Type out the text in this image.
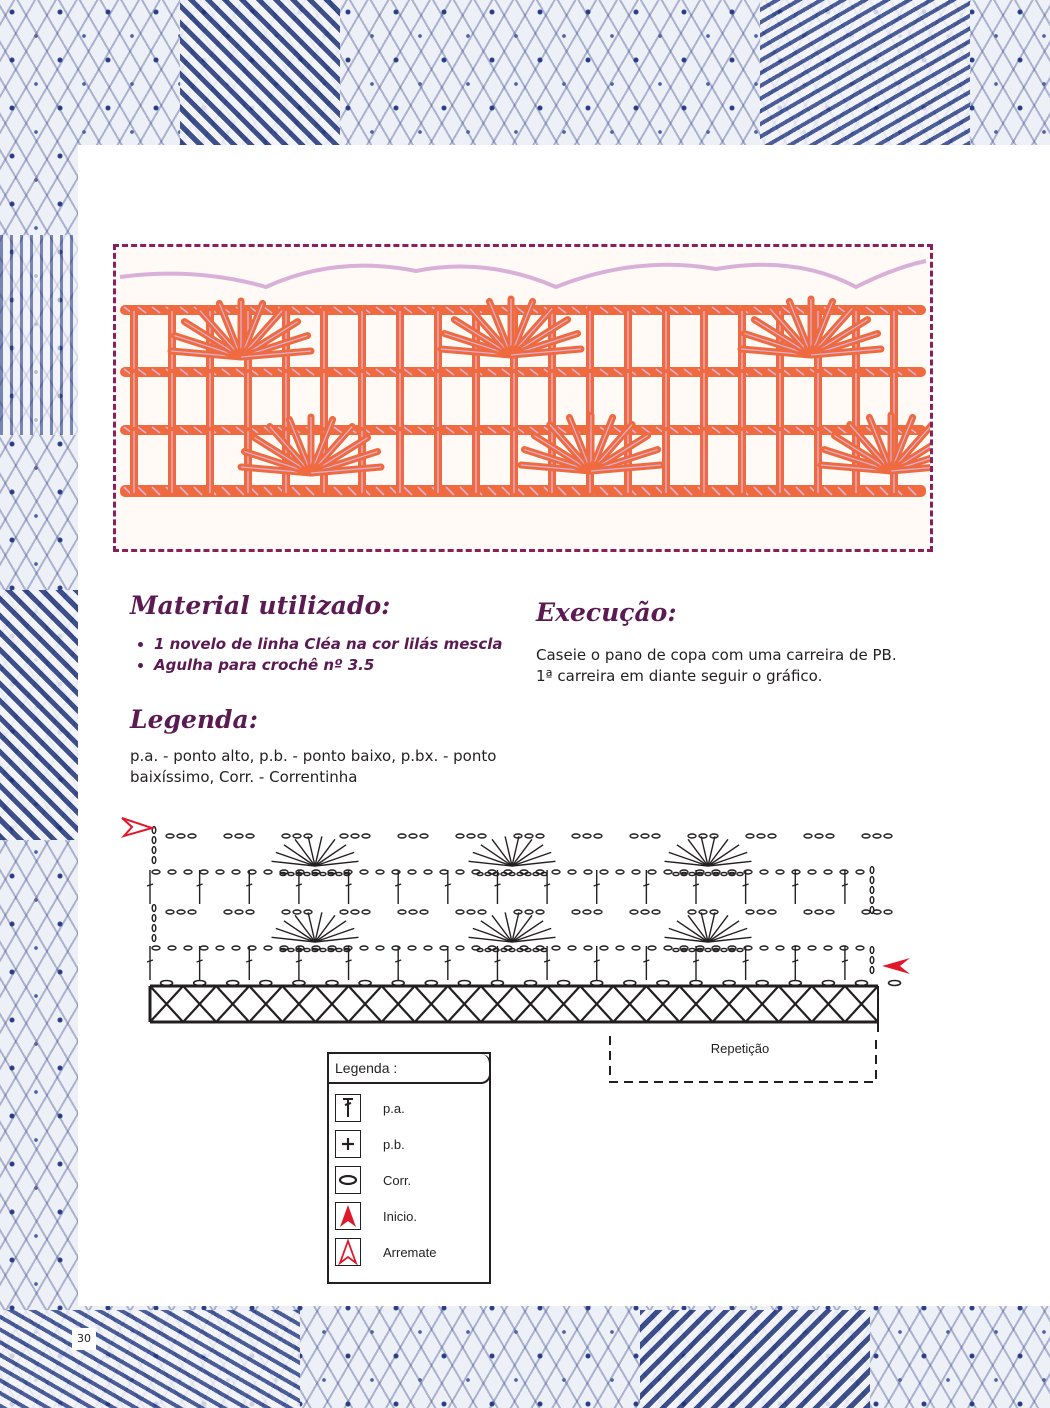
Material utilizado:
• 1 novelo de linha Cléa na cor lilás mescla
• Agulha para crochê nº 3.5
Execução:

Caseie o pano de copa com uma carreira de PB.
1ª carreira em diante seguir o gráfico.

Legenda:

p.a. - ponto alto, p.b. - ponto baixo, p.bx. - ponto
baixíssimo, Corr. - Correntinha

Repetição
Legenda :
p.a.
p.b.
Corr.
Inicio.
Arremate
30
